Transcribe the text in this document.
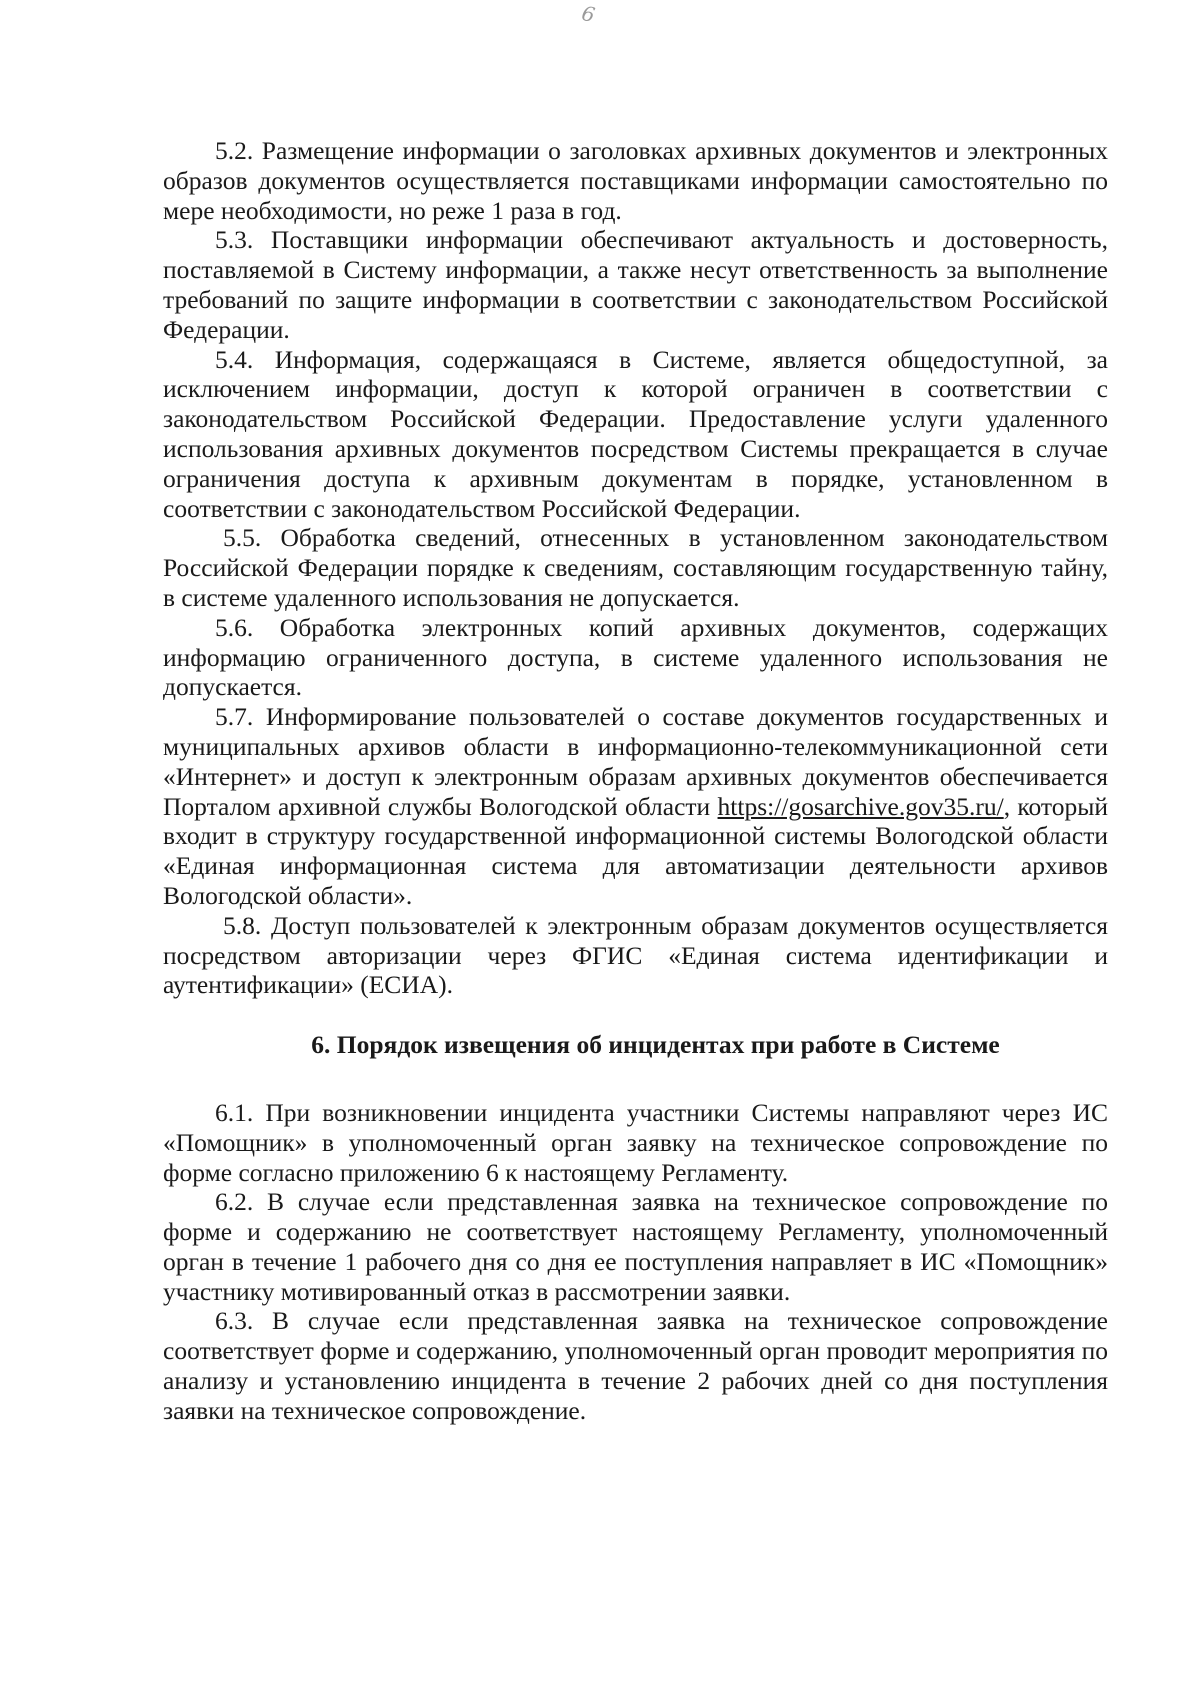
6

5.2. Размещение информации о заголовках архивных документов и электронных образов документов осуществляется поставщиками информации самостоятельно по мере необходимости, но реже 1 раза в год.

5.3. Поставщики информации обеспечивают актуальность и достоверность, поставляемой в Систему информации, а также несут ответственность за выполнение требований по защите информации в соответствии с законодательством Российской Федерации.

5.4. Информация, содержащаяся в Системе, является общедоступной, за исключением информации, доступ к которой ограничен в соответствии с законодательством Российской Федерации. Предоставление услуги удаленного использования архивных документов посредством Системы прекращается в случае ограничения доступа к архивным документам в порядке, установленном в соответствии с законодательством Российской Федерации.

5.5. Обработка сведений, отнесенных в установленном законодательством Российской Федерации порядке к сведениям, составляющим государственную тайну, в системе удаленного использования не допускается.

5.6. Обработка электронных копий архивных документов, содержащих информацию ограниченного доступа, в системе удаленного использования не допускается.

5.7. Информирование пользователей о составе документов государственных и муниципальных архивов области в информационно-телекоммуникационной сети «Интернет» и доступ к электронным образам архивных документов обеспечивается Порталом архивной службы Вологодской области https://gosarchive.gov35.ru/, который входит в структуру государственной информационной системы Вологодской области «Единая информационная система для автоматизации деятельности архивов Вологодской области».

5.8. Доступ пользователей к электронным образам документов осуществляется посредством авторизации через ФГИС «Единая система идентификации и аутентификации» (ЕСИА).

6. Порядок извещения об инцидентах при работе в Системе

6.1. При возникновении инцидента участники Системы направляют через ИС «Помощник» в уполномоченный орган заявку на техническое сопровождение по форме согласно приложению 6 к настоящему Регламенту.

6.2. В случае если представленная заявка на техническое сопровождение по форме и содержанию не соответствует настоящему Регламенту, уполномоченный орган в течение 1 рабочего дня со дня ее поступления направляет в ИС «Помощник» участнику мотивированный отказ в рассмотрении заявки.

6.3. В случае если представленная заявка на техническое сопровождение соответствует форме и содержанию, уполномоченный орган проводит мероприятия по анализу и установлению инцидента в течение 2 рабочих дней со дня поступления заявки на техническое сопровождение.
